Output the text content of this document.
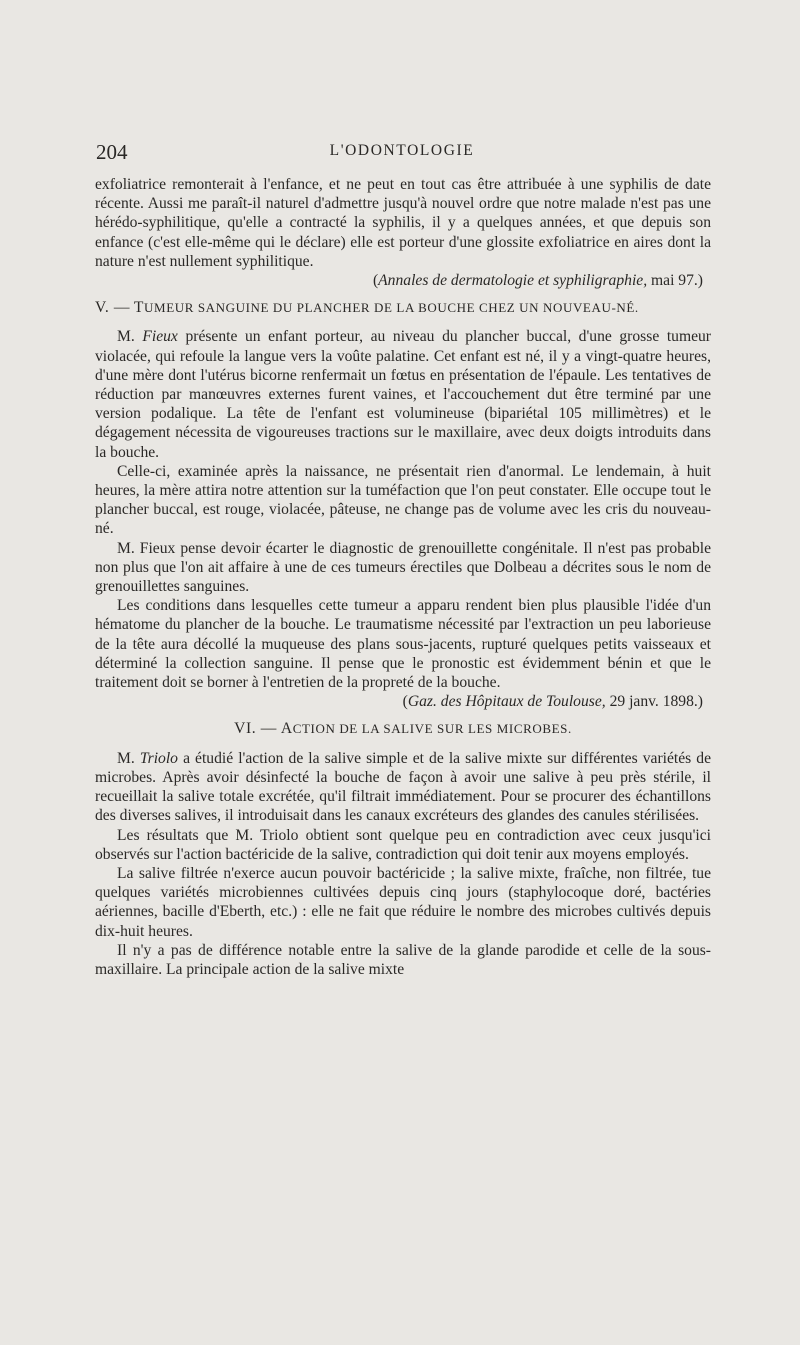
204	L'ODONTOLOGIE

exfoliatrice remonterait à l'enfance, et ne peut en tout cas être attribuée à une syphilis de date récente. Aussi me paraît-il naturel d'admettre jusqu'à nouvel ordre que notre malade n'est pas une hérédo-syphilitique, qu'elle a contracté la syphilis, il y a quelques années, et que depuis son enfance (c'est elle-même qui le déclare) elle est porteur d'une glossite exfoliatrice en aires dont la nature n'est nullement syphilitique.

(Annales de dermatologie et syphiligraphie, mai 97.)

V. — TUMEUR SANGUINE DU PLANCHER DE LA BOUCHE CHEZ UN NOUVEAU-NÉ.

M. Fieux présente un enfant porteur, au niveau du plancher buccal, d'une grosse tumeur violacée, qui refoule la langue vers la voûte palatine. Cet enfant est né, il y a vingt-quatre heures, d'une mère dont l'utérus bicorne renfermait un fœtus en présentation de l'épaule. Les tentatives de réduction par manœuvres externes furent vaines, et l'accouchement dut être terminé par une version podalique. La tête de l'enfant est volumineuse (bipariétal 105 millimètres) et le dégagement nécessita de vigoureuses tractions sur le maxillaire, avec deux doigts introduits dans la bouche.

Celle-ci, examinée après la naissance, ne présentait rien d'anormal. Le lendemain, à huit heures, la mère attira notre attention sur la tuméfaction que l'on peut constater. Elle occupe tout le plancher buccal, est rouge, violacée, pâteuse, ne change pas de volume avec les cris du nouveau-né.

M. Fieux pense devoir écarter le diagnostic de grenouillette congénitale. Il n'est pas probable non plus que l'on ait affaire à une de ces tumeurs érectiles que Dolbeau a décrites sous le nom de grenouillettes sanguines.

Les conditions dans lesquelles cette tumeur a apparu rendent bien plus plausible l'idée d'un hématome du plancher de la bouche. Le traumatisme nécessité par l'extraction un peu laborieuse de la tête aura décollé la muqueuse des plans sous-jacents, rupturé quelques petits vaisseaux et déterminé la collection sanguine. Il pense que le pronostic est évidemment bénin et que le traitement doit se borner à l'entretien de la propreté de la bouche.

(Gaz. des Hôpitaux de Toulouse, 29 janv. 1898.)

VI. — ACTION DE LA SALIVE SUR LES MICROBES.

M. Triolo a étudié l'action de la salive simple et de la salive mixte sur différentes variétés de microbes. Après avoir désinfecté la bouche de façon à avoir une salive à peu près stérile, il recueillait la salive totale excrétée, qu'il filtrait immédiatement. Pour se procurer des échantillons des diverses salives, il introduisait dans les canaux excréteurs des glandes des canules stérilisées.

Les résultats que M. Triolo obtient sont quelque peu en contradiction avec ceux jusqu'ici observés sur l'action bactéricide de la salive, contradiction qui doit tenir aux moyens employés.

La salive filtrée n'exerce aucun pouvoir bactéricide ; la salive mixte, fraîche, non filtrée, tue quelques variétés microbiennes cultivées depuis cinq jours (staphylocoque doré, bactéries aériennes, bacille d'Eberth, etc.) : elle ne fait que réduire le nombre des microbes cultivés depuis dix-huit heures.

Il n'y a pas de différence notable entre la salive de la glande parodide et celle de la sous-maxillaire. La principale action de la salive mixte
